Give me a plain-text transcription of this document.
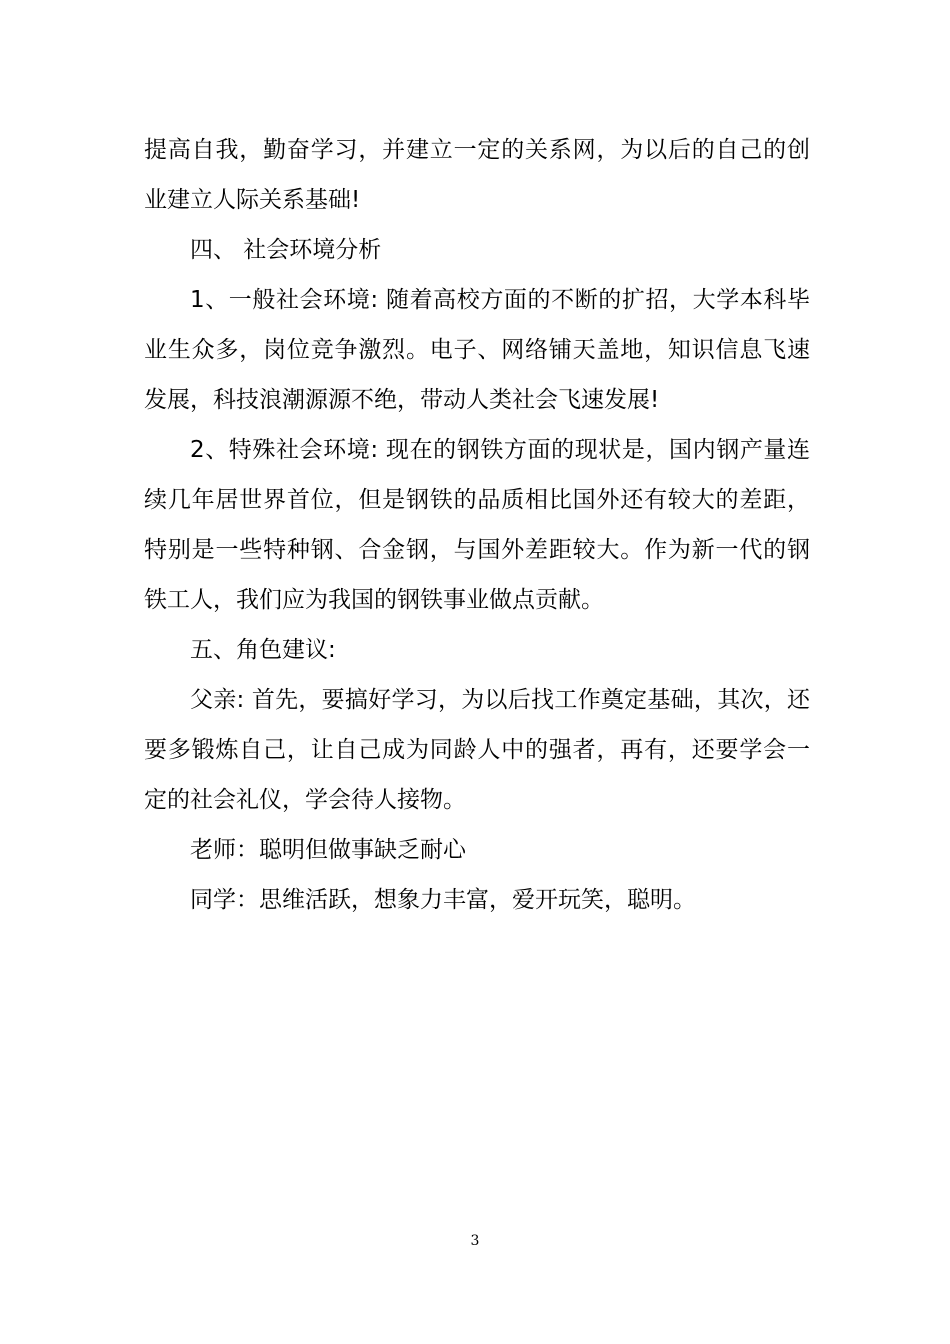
提高自我，勤奋学习，并建立一定的关系网，为以后的自己的创业建立人际关系基础!

四、 社会环境分析

1、一般社会环境: 随着高校方面的不断的扩招，大学本科毕业生众多，岗位竞争激烈。电子、网络铺天盖地，知识信息飞速发展，科技浪潮源源不绝，带动人类社会飞速发展!

2、特殊社会环境: 现在的钢铁方面的现状是，国内钢产量连续几年居世界首位，但是钢铁的品质相比国外还有较大的差距，特别是一些特种钢、合金钢，与国外差距较大。作为新一代的钢铁工人，我们应为我国的钢铁事业做点贡献。

五、角色建议:

父亲: 首先，要搞好学习，为以后找工作奠定基础，其次，还要多锻炼自己，让自己成为同龄人中的强者，再有，还要学会一定的社会礼仪，学会待人接物。

老师：聪明但做事缺乏耐心

同学：思维活跃，想象力丰富，爱开玩笑，聪明。

3
